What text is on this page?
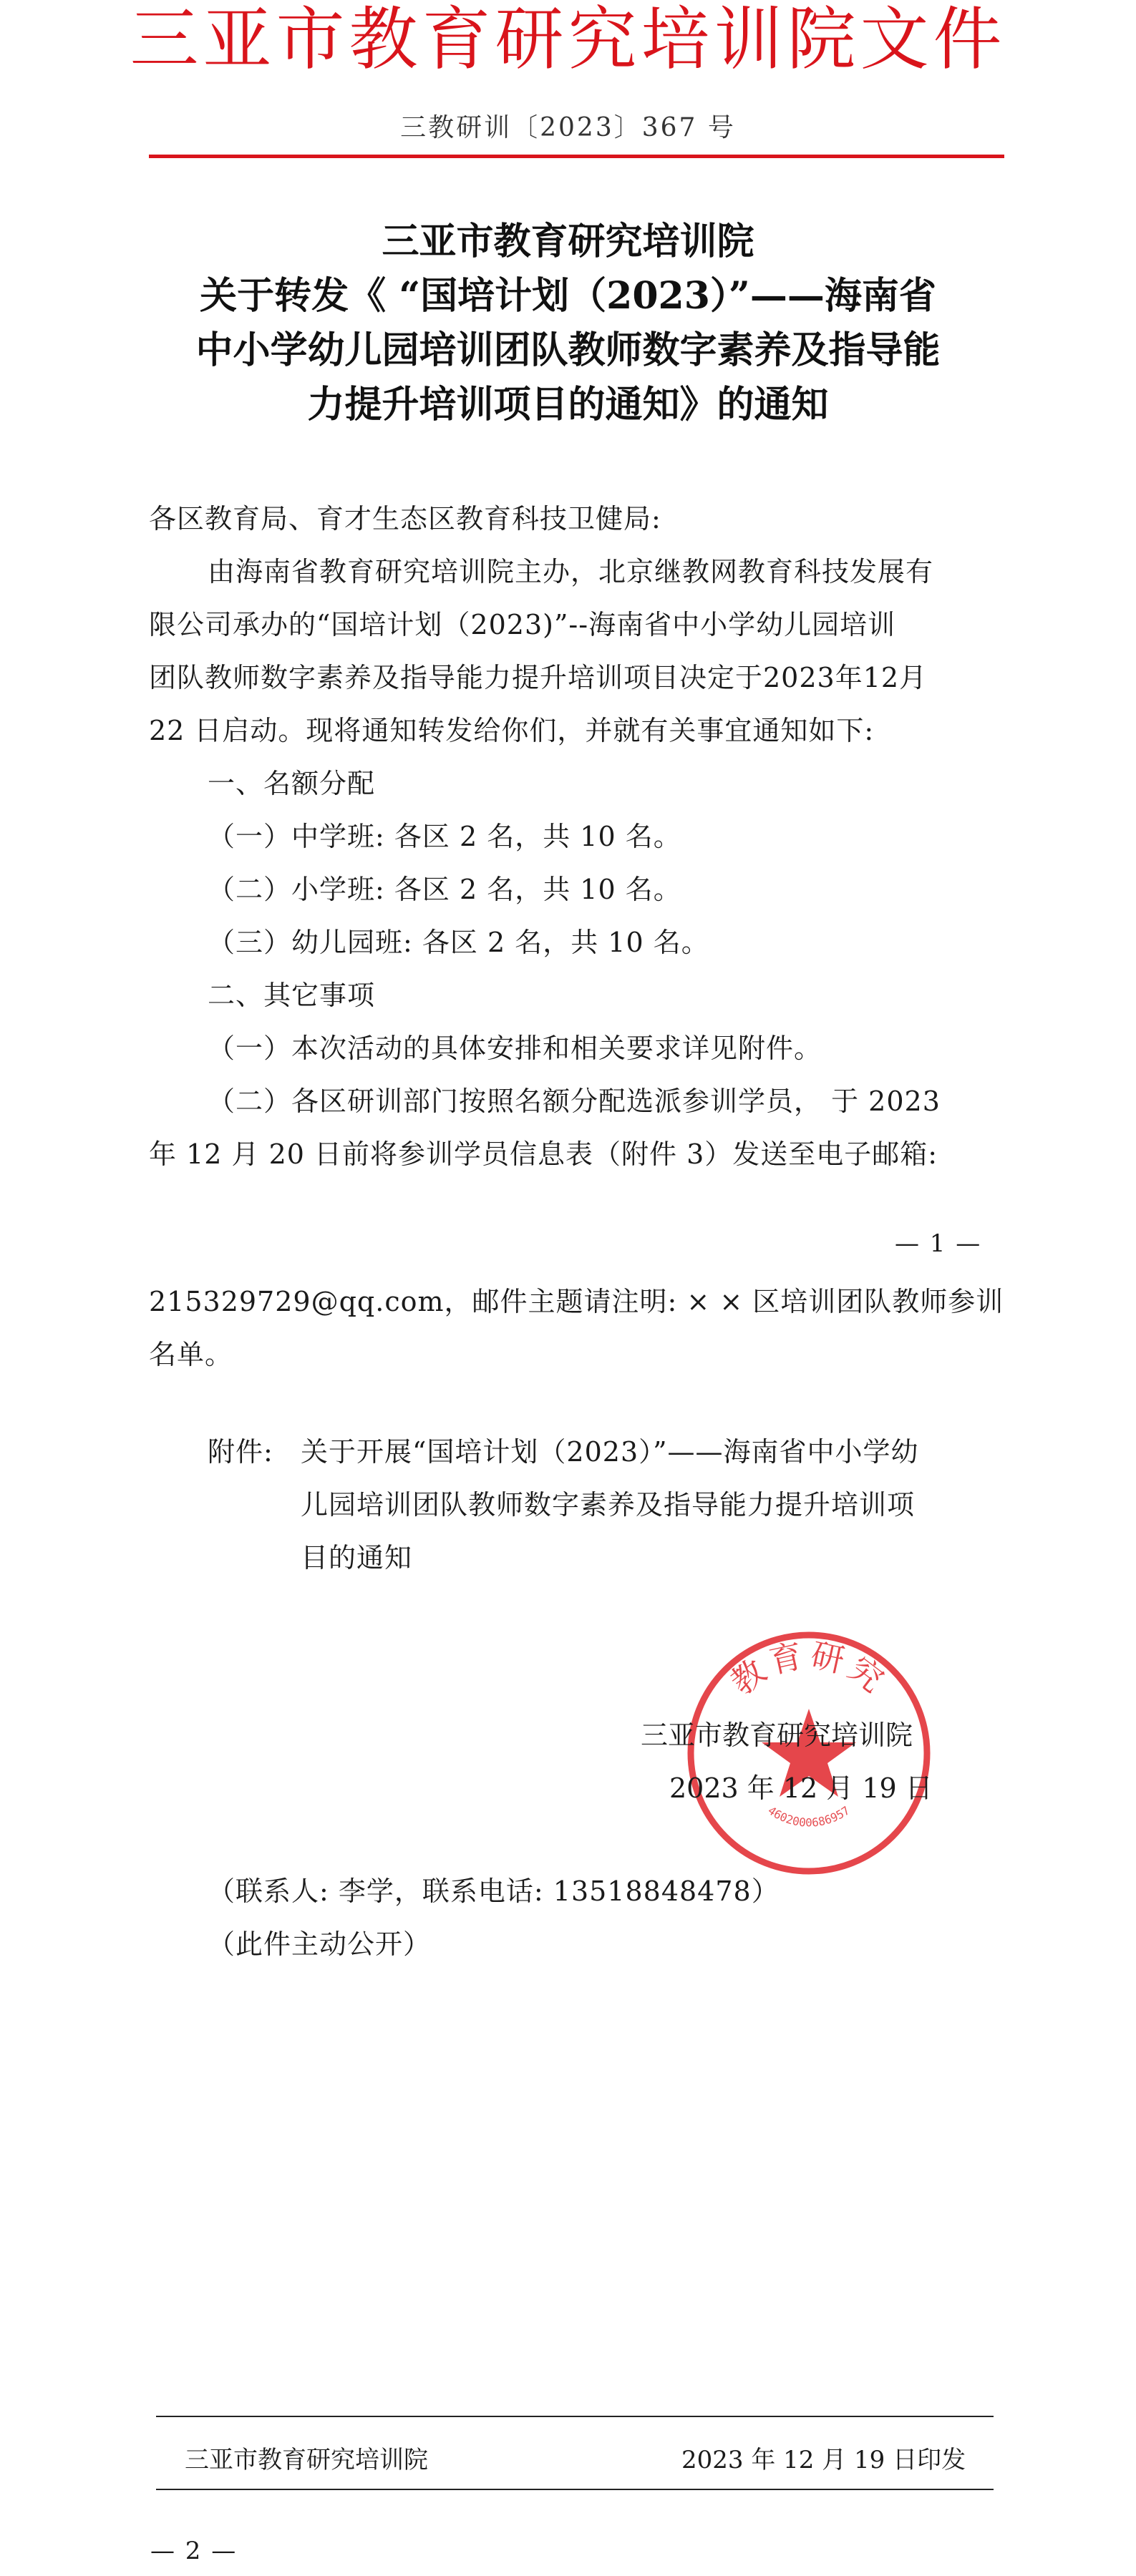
三亚市教育研究培训院文件
三教研训〔2023〕367 号
三亚市教育研究培训院
关于转发《 “国培计划（2023）”——海南省
中小学幼儿园培训团队教师数字素养及指导能
力提升培训项目的通知》的通知
各区教育局、育才生态区教育科技卫健局:
由海南省教育研究培训院主办，北京继教网教育科技发展有
限公司承办的“国培计划（2023)”--海南省中小学幼儿园培训
团队教师数字素养及指导能力提升培训项目决定于2023年12月
22 日启动。现将通知转发给你们，并就有关事宜通知如下:
一、名额分配
（一）中学班: 各区 2 名，共 10 名。
（二）小学班: 各区 2 名，共 10 名。
（三）幼儿园班: 各区 2 名，共 10 名。
二、其它事项
（一）本次活动的具体安排和相关要求详见附件。
（二）各区研训部门按照名额分配选派参训学员， 于 2023
年 12 月 20 日前将参训学员信息表（附件 3）发送至电子邮箱:
— 1 —
215329729@qq.com，邮件主题请注明: × × 区培训团队教师参训
名单。
附件: 关于开展“国培计划（2023）”——海南省中小学幼
儿园培训团队教师数字素养及指导能力提升培训项
目的通知
教育研究
4602000686957
三亚市教育研究培训院
2023 年 12 月 19 日
（联系人: 李学，联系电话: 13518848478）
（此件主动公开）
三亚市教育研究培训院	2023 年 12 月 19 日印发
— 2 —
